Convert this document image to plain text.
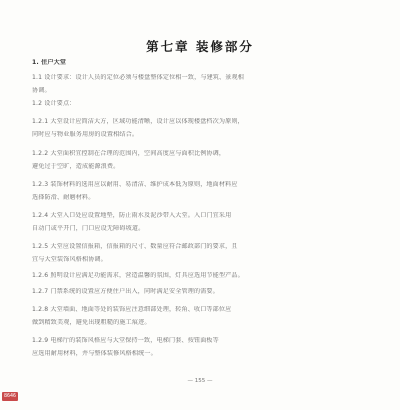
第七章 装修部分
1. 住户大堂
1.1 设计要求：设计人员的定位必须与楼盘整体定位相一致，与建筑、景观相
协调。
1.2 设计要点：
1.2.1 大堂设计应简洁大方，区域功能清晰，设计应以体现楼盘档次为原则，
同时应与物业服务用房的设置相结合。
1.2.2 大堂面积宜控制在合理的范围内，空间高度应与面积比例协调，
避免过于空旷，造成能源浪费。
1.2.3 装饰材料的选用应以耐用、易清洁、维护成本低为原则，地面材料应
选择防滑、耐磨材料。
1.2.4 大堂入口处应设置地垫，防止雨水及泥沙带入大堂。入口门宜采用
自动门或平开门，门口应设无障碍坡道。
1.2.5 大堂应设置信报箱，信报箱的尺寸、数量应符合邮政部门的要求，且
宜与大堂装饰风格相协调。
1.2.6 照明设计应满足功能需求，营造温馨的氛围，灯具应选用节能型产品。
1.2.7 门禁系统的设置应方便住户出入，同时满足安全管理的需要。
1.2.8 大堂墙面、地面等处的装饰应注意细部处理，转角、收口等部位应
做到精致美观，避免出现粗糙的施工痕迹。
1.2.9 电梯厅的装饰风格应与大堂保持一致，电梯门套、按钮面板等
应选用耐用材料，并与整体装修风格相统一。
— 155 —
8646
